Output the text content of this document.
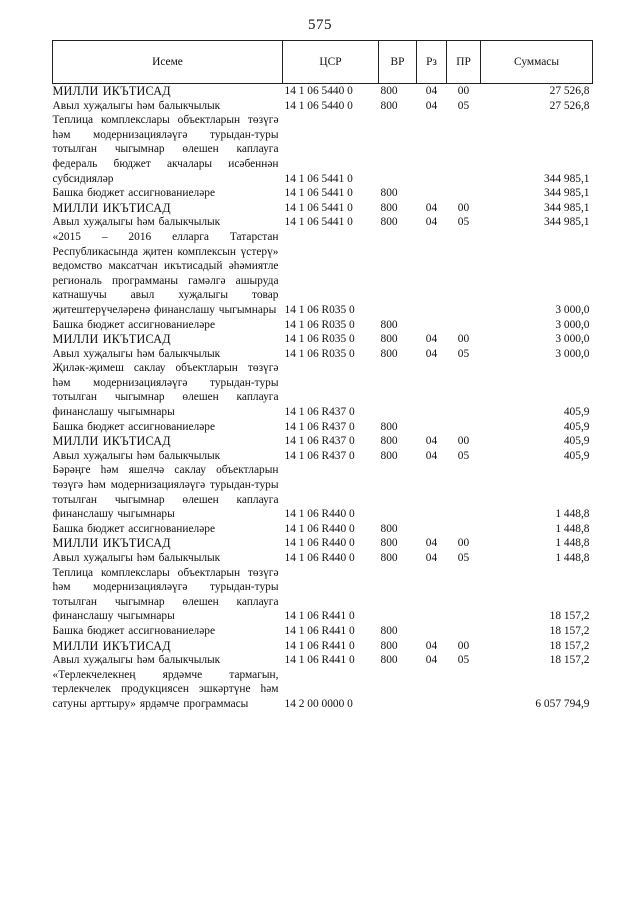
575
Исеме	ЦСР	ВР	Рз	ПР	Суммасы
МИЛЛИ ИКЪТИСАД	14 1 06 5440 0	800	04	00	27 526,8
Авыл хуҗалыгы һәм балыкчылык	14 1 06 5440 0	800	04	05	27 526,8
Теплица комплекслары объектларын төзүгә һәм модернизацияләүгә турыдан-туры тотылган чыгымнар өлешен каплауга федераль бюджет акчалары исәбеннән субсидияләр	14 1 06 5441 0				344 985,1
Башка бюджет ассигнованиеләре	14 1 06 5441 0	800			344 985,1
МИЛЛИ ИКЪТИСАД	14 1 06 5441 0	800	04	00	344 985,1
Авыл хуҗалыгы һәм балыкчылык	14 1 06 5441 0	800	04	05	344 985,1
«2015 – 2016 елларга Татарстан Республикасында җитен комплексын үстерү» ведомство максатчан икътисадый әһәмиятле региональ программаны гамәлгә ашыруда катнашучы авыл хуҗалыгы товар җитештерүчеләренә финанслашу чыгымнары	14 1 06 R035 0				3 000,0
Башка бюджет ассигнованиеләре	14 1 06 R035 0	800			3 000,0
МИЛЛИ ИКЪТИСАД	14 1 06 R035 0	800	04	00	3 000,0
Авыл хуҗалыгы һәм балыкчылык	14 1 06 R035 0	800	04	05	3 000,0
Җиләк-җимеш саклау объектларын төзүгә һәм модернизацияләүгә турыдан-туры тотылган чыгымнар өлешен каплауга финанслашу чыгымнары	14 1 06 R437 0				405,9
Башка бюджет ассигнованиеләре	14 1 06 R437 0	800			405,9
МИЛЛИ ИКЪТИСАД	14 1 06 R437 0	800	04	00	405,9
Авыл хуҗалыгы һәм балыкчылык	14 1 06 R437 0	800	04	05	405,9
Бәрәңге һәм яшелчә саклау объектларын төзүгә һәм модернизацияләүгә турыдан-туры тотылган чыгымнар өлешен каплауга финанслашу чыгымнары	14 1 06 R440 0				1 448,8
Башка бюджет ассигнованиеләре	14 1 06 R440 0	800			1 448,8
МИЛЛИ ИКЪТИСАД	14 1 06 R440 0	800	04	00	1 448,8
Авыл хуҗалыгы һәм балыкчылык	14 1 06 R440 0	800	04	05	1 448,8
Теплица комплекслары объектларын төзүгә һәм модернизацияләүгә турыдан-туры тотылган чыгымнар өлешен каплауга финанслашу чыгымнары	14 1 06 R441 0				18 157,2
Башка бюджет ассигнованиеләре	14 1 06 R441 0	800			18 157,2
МИЛЛИ ИКЪТИСАД	14 1 06 R441 0	800	04	00	18 157,2
Авыл хуҗалыгы һәм балыкчылык	14 1 06 R441 0	800	04	05	18 157,2
«Терлекчелекнең ярдәмче тармагын, терлекчелек продукциясен эшкәртүне һәм сатуны арттыру» ярдәмче программасы	14 2 00 0000 0				6 057 794,9
